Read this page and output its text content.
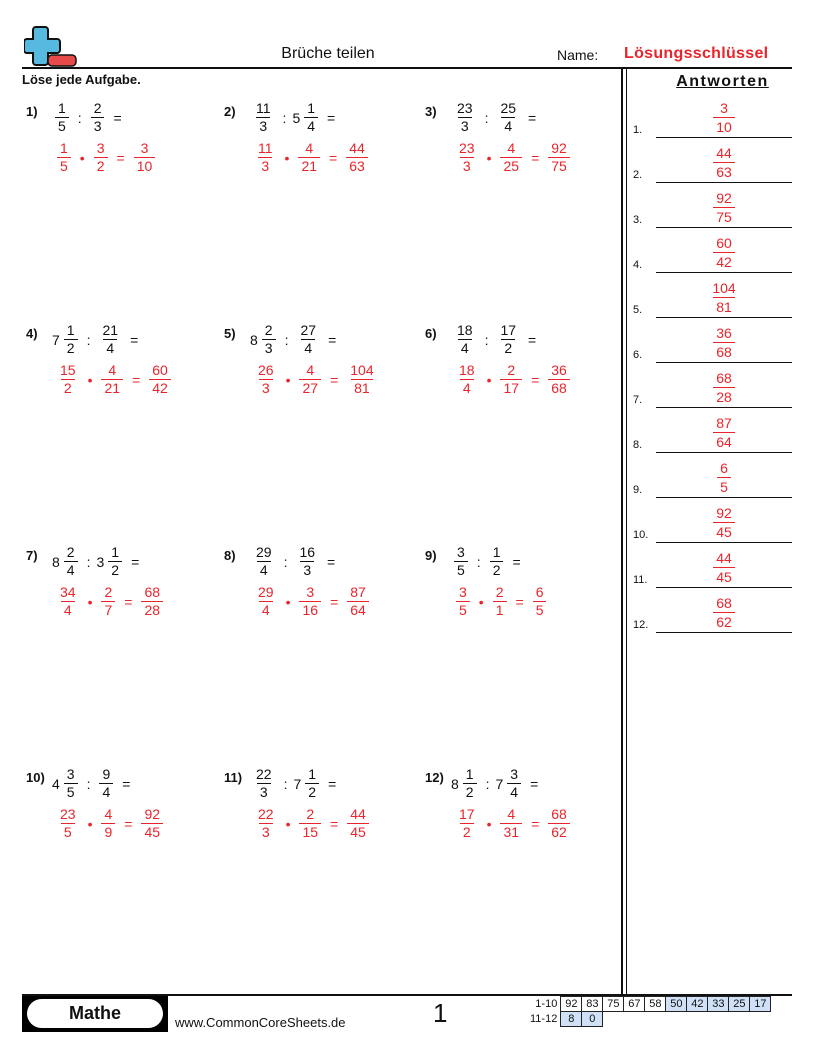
Brüche teilen	Name: Lösungsschlüssel
Löse jede Aufgabe.	Antworten
$1) \frac{1}{5}$ : $\frac{2}{3}$ =
$\frac{1}{5}$ • $\frac{3}{2} = \frac{3}{10}$
$2) \frac{11}{3}$ : $5 \frac{1}{4}$ =
$\frac{11}{3}$ • $\frac{4}{21} = \frac{44}{63}$
$3) \frac{23}{3}$ : $\frac{25}{4}$ =
$\frac{23}{3}$ • $\frac{4}{25} = \frac{92}{75}$
4) $7 \frac{1}{2}$ : $\frac{21}{4}$ =
$\frac{15}{2}$ • $\frac{4}{21} = \frac{60}{42}$
5) $8 \frac{2}{3}$ : $\frac{27}{4}$ =
$\frac{26}{3}$ • $\frac{4}{27} = \frac{104}{81}$
$6) \frac{18}{4}$ : $\frac{17}{2}$ =
$\frac{18}{4}$ • $\frac{2}{17} = \frac{36}{68}$
7) $8 \frac{2}{4}$ : $3 \frac{1}{2}$ =
$\frac{34}{4}$ • $\frac{2}{7} = \frac{68}{28}$
$8) \frac{29}{4}$ : $\frac{16}{3}$ =
$\frac{29}{4}$ • $\frac{3}{16} = \frac{87}{64}$
$9) \frac{3}{5}$ : $\frac{1}{2}$ =
$\frac{3}{5}$ • $\frac{2}{1} = \frac{6}{5}$
10) $4 \frac{3}{5}$ : $\frac{9}{4}$ =
$\frac{23}{5}$ • $\frac{4}{9} = \frac{92}{45}$
$11) \frac{22}{3}$ : $7 \frac{1}{2}$ =
$\frac{22}{3}$ • $\frac{2}{15} = \frac{44}{45}$
12) $8 \frac{1}{2}$ : $7 \frac{3}{4}$ =
$\frac{17}{2}$ • $\frac{4}{31} = \frac{68}{62}$
1.	$\frac{3}{10}$
2.	$\frac{44}{63}$
3.	$\frac{92}{75}$
4.	$\frac{60}{42}$
5.	$\frac{104}{81}$
6.	$\frac{36}{68}$
7.	$\frac{68}{28}$
8.	$\frac{87}{64}$
9.	$\frac{6}{5}$
10.	$\frac{92}{45}$
11.	$\frac{44}{45}$
12.	$\frac{68}{62}$
Mathe	www.CommonCoreSheets.de	1	1-10	92	83	75	67	58	50	42	33	25	17
11-12	8	0								
